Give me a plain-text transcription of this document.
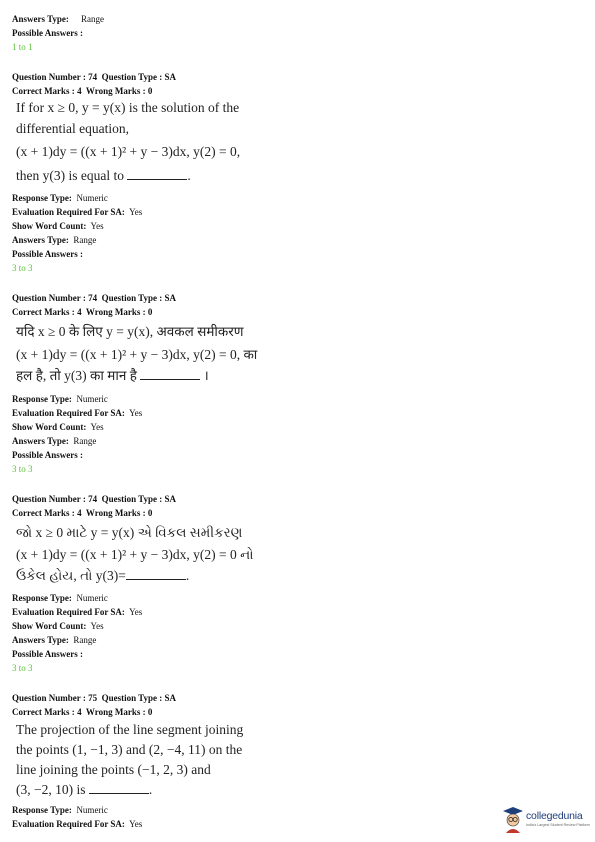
Answers Type: Range
Possible Answers :
1 to 1
Question Number : 74 Question Type : SA
Correct Marks : 4 Wrong Marks : 0
If for x ≥ 0, y = y(x) is the solution of the
differential equation,
(x + 1)dy = ((x + 1)² + y − 3)dx, y(2) = 0,
then y(3) is equal to	.
Response Type: Numeric
Evaluation Required For SA: Yes
Show Word Count: Yes
Answers Type: Range
Possible Answers :
3 to 3
Question Number : 74 Question Type : SA
Correct Marks : 4 Wrong Marks : 0
यदि x ≥ 0 के लिए y = y(x), अवकल समीकरण
(x + 1)dy = ((x + 1)² + y − 3)dx, y(2) = 0, का
हल है, तो y(3) का मान है	।
Response Type: Numeric
Evaluation Required For SA: Yes
Show Word Count: Yes
Answers Type: Range
Possible Answers :
3 to 3
Question Number : 74 Question Type : SA
Correct Marks : 4 Wrong Marks : 0
જો x ≥ 0 માટે y = y(x) એ વિકલ સમીકરણ
(x + 1)dy = ((x + 1)² + y − 3)dx, y(2) = 0 નો
ઉકેલ હોય, તો y(3)=	.
Response Type: Numeric
Evaluation Required For SA: Yes
Show Word Count: Yes
Answers Type: Range
Possible Answers :
3 to 3
Question Number : 75 Question Type : SA
Correct Marks : 4 Wrong Marks : 0
The projection of the line segment joining
the points (1, −1, 3) and (2, −4, 11) on the
line joining the points (−1, 2, 3) and
(3, −2, 10) is	.
Response Type: Numeric
Evaluation Required For SA: Yes
collegedunia
India's Largest Student Review Platform
